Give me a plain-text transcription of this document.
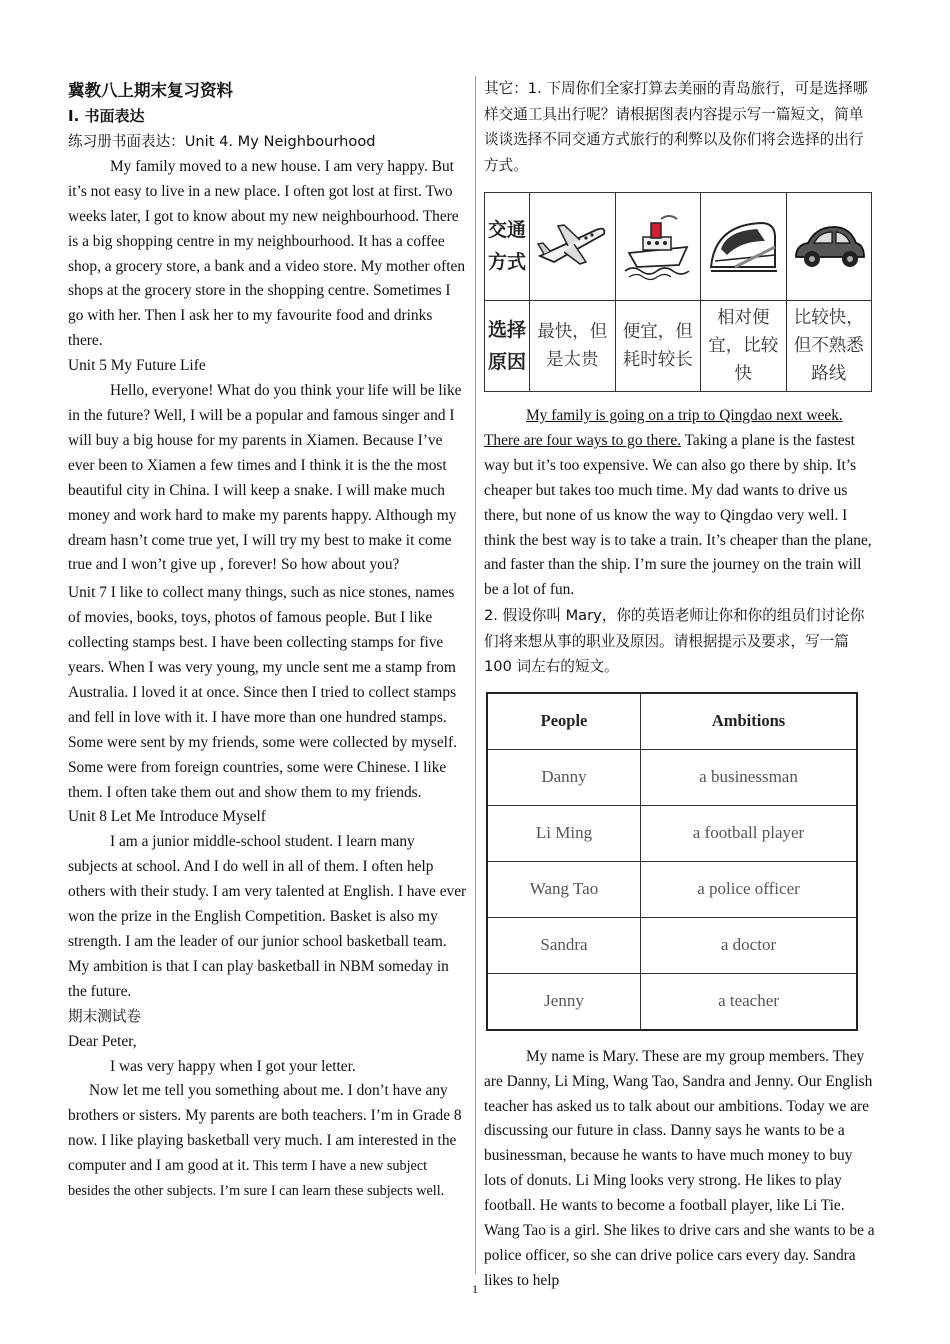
冀教八上期末复习资料
Ⅰ. 书面表达

练习册书面表达：Unit 4. My Neighbourhood

My family moved to a new house. I am very happy. But it’s not easy to live in a new place. I often got lost at first. Two weeks later, I got to know about my new neighbourhood. There is a big shopping centre in my neighbourhood. It has a coffee shop, a grocery store, a bank and a video store. My mother often shops at the grocery store in the shopping centre. Sometimes I go with her. Then I ask her to my favourite food and drinks there.

Unit 5 My Future Life

Hello, everyone! What do you think your life will be like in the future? Well, I will be a popular and famous singer and I will buy a big house for my parents in Xiamen. Because I’ve ever been to Xiamen a few times and I think it is the the most beautiful city in China. I will keep a snake. I will make much money and work hard to make my parents happy. Although my dream hasn’t come true yet, I will try my best to make it come true and I won’t give up , forever! So how about you?

Unit 7 I like to collect many things, such as nice stones, names of movies, books, toys, photos of famous people. But I like collecting stamps best. I have been collecting stamps for five years. When I was very young, my uncle sent me a stamp from Australia. I loved it at once. Since then I tried to collect stamps and fell in love with it. I have more than one hundred stamps. Some were sent by my friends, some were collected by myself. Some were from foreign countries, some were Chinese. I like them. I often take them out and show them to my friends.

Unit 8 Let Me Introduce Myself

I am a junior middle-school student. I learn many subjects at school. And I do well in all of them. I often help others with their study. I am very talented at English. I have ever won the prize in the English Competition. Basket is also my strength. I am the leader of our junior school basketball team. My ambition is that I can play basketball in NBM someday in the future.

期末测试卷

Dear Peter,

I was very happy when I got your letter.

Now let me tell you something about me. I don’t have any brothers or sisters. My parents are both teachers. I’m in Grade 8 now. I like playing basketball very much. I am interested in the computer and I am good at it. This term I have a new subject besides the other subjects. I’m sure I can learn these subjects well.

其它：1. 下周你们全家打算去美丽的青岛旅行，可是选择哪样交通工具出行呢？请根据图表内容提示写一篇短文，简单谈谈选择不同交通方式旅行的利弊以及你们将会选择的出行方式。

交通方式	

选择原因	最快，但是太贵	便宜，但耗时较长	相对便宜，比较快	比较快，但不熟悉路线

My family is going on a trip to Qingdao next week. There are four ways to go there. Taking a plane is the fastest way but it’s too expensive. We can also go there by ship. It’s cheaper but takes too much time. My dad wants to drive us there, but none of us know the way to Qingdao very well. I think the best way is to take a train. It’s cheaper than the plane, and faster than the ship. I’m sure the journey on the train will be a lot of fun.

2. 假设你叫 Mary，你的英语老师让你和你的组员们讨论你们将来想从事的职业及原因。请根据提示及要求，写一篇 100 词左右的短文。

People	Ambitions
Danny	a businessman
Li Ming	a football player
Wang Tao	a police officer
Sandra	a doctor
Jenny	a teacher

My name is Mary. These are my group members. They are Danny, Li Ming, Wang Tao, Sandra and Jenny. Our English teacher has asked us to talk about our ambitions. Today we are discussing our future in class. Danny says he wants to be a businessman, because he wants to have much money to buy lots of donuts. Li Ming looks very strong. He likes to play football. He wants to become a football player, like Li Tie. Wang Tao is a girl. She likes to drive cars and she wants to be a police officer, so she can drive police cars every day. Sandra likes to help

1
